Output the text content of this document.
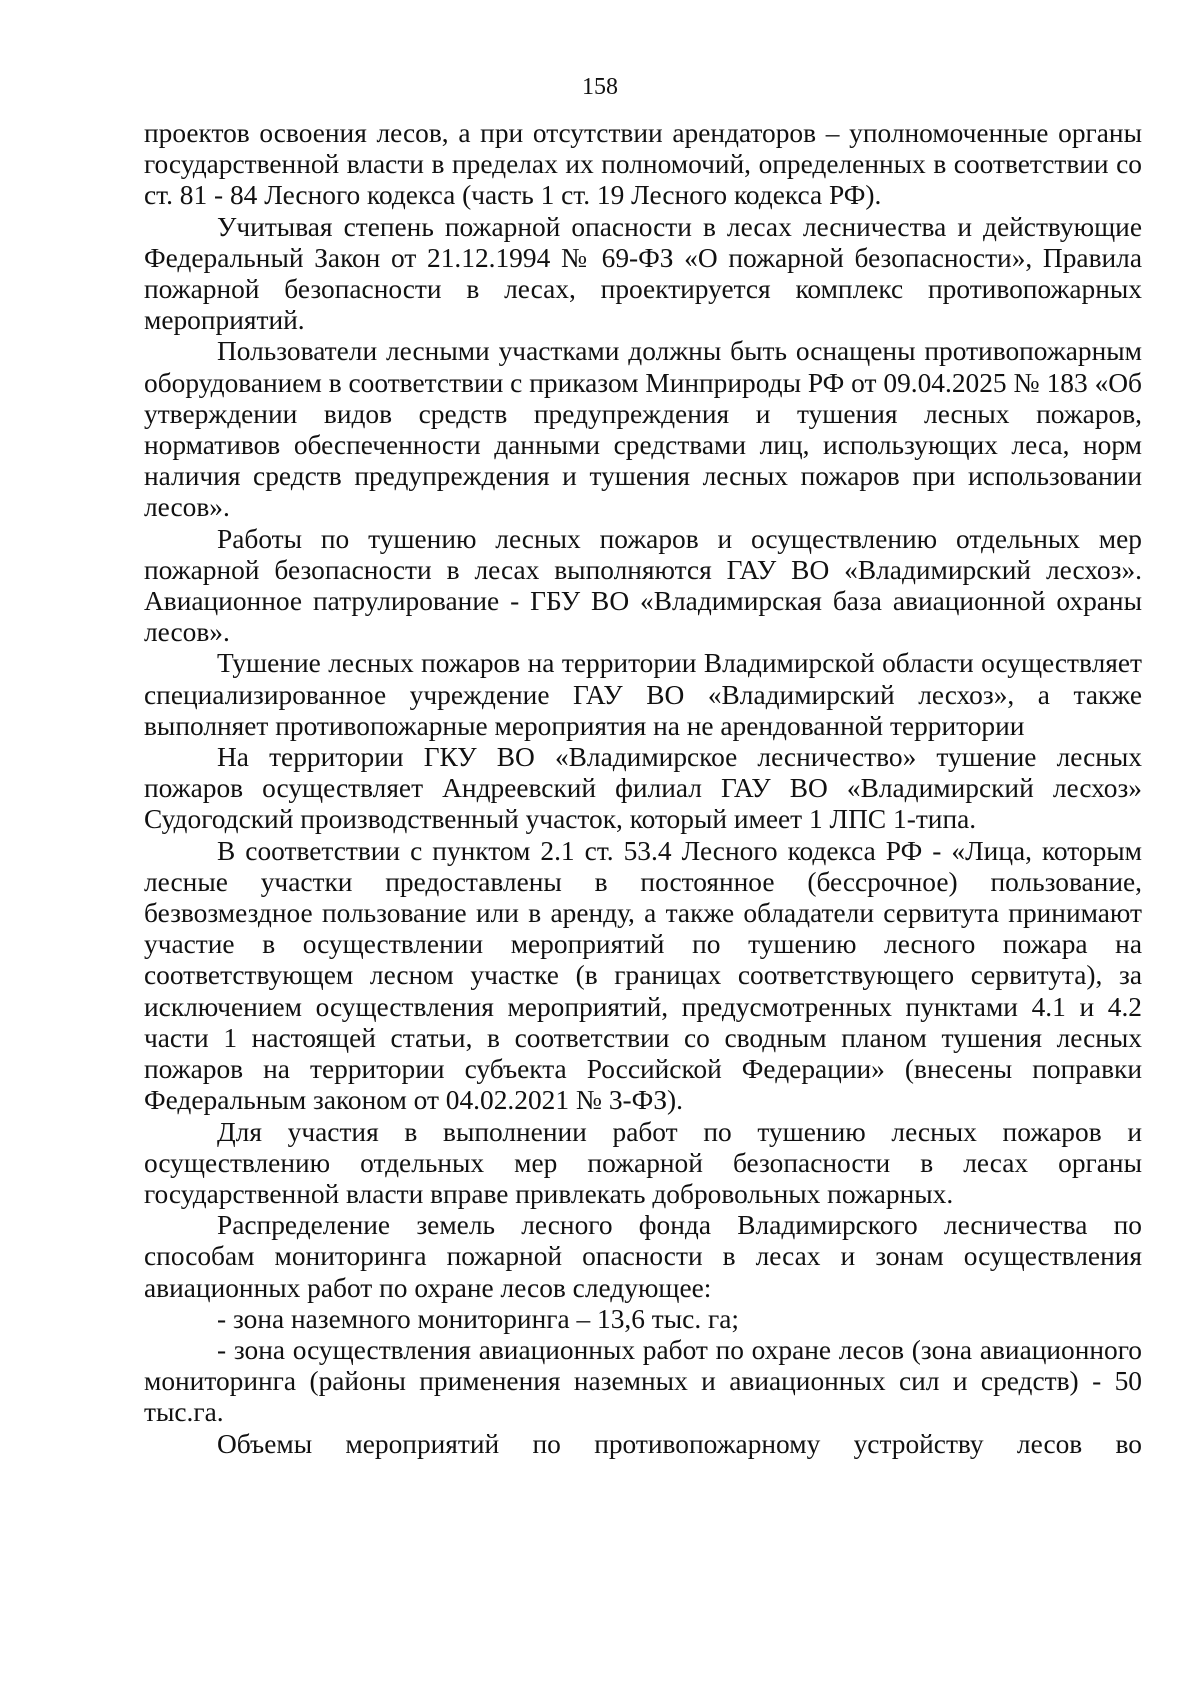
158

проектов освоения лесов, а при отсутствии арендаторов – уполномоченные органы государственной власти в пределах их полномочий, определенных в соответствии со ст. 81 - 84 Лесного кодекса (часть 1 ст. 19 Лесного кодекса РФ).

Учитывая степень пожарной опасности в лесах лесничества и действующие Федеральный Закон от 21.12.1994 № 69-ФЗ «О пожарной безопасности», Правила пожарной безопасности в лесах, проектируется комплекс противопожарных мероприятий.

Пользователи лесными участками должны быть оснащены противопожарным оборудованием в соответствии с приказом Минприроды РФ от 09.04.2025 № 183 «Об утверждении видов средств предупреждения и тушения лесных пожаров, нормативов обеспеченности данными средствами лиц, использующих леса, норм наличия средств предупреждения и тушения лесных пожаров при использовании лесов».

Работы по тушению лесных пожаров и осуществлению отдельных мер пожарной безопасности в лесах выполняются ГАУ ВО «Владимирский лесхоз». Авиационное патрулирование - ГБУ ВО «Владимирская база авиационной охраны лесов».

Тушение лесных пожаров на территории Владимирской области осуществляет специализированное учреждение ГАУ ВО «Владимирский лесхоз», а также выполняет противопожарные мероприятия на не арендованной территории

На территории ГКУ ВО «Владимирское лесничество» тушение лесных пожаров осуществляет Андреевский филиал ГАУ ВО «Владимирский лесхоз» Судогодский производственный участок, который имеет 1 ЛПС 1-типа.

В соответствии с пунктом 2.1 ст. 53.4 Лесного кодекса РФ - «Лица, которым лесные участки предоставлены в постоянное (бессрочное) пользование, безвозмездное пользование или в аренду, а также обладатели сервитута принимают участие в осуществлении мероприятий по тушению лесного пожара на соответствующем лесном участке (в границах соответствующего сервитута), за исключением осуществления мероприятий, предусмотренных пунктами 4.1 и 4.2 части 1 настоящей статьи, в соответствии со сводным планом тушения лесных пожаров на территории субъекта Российской Федерации» (внесены поправки Федеральным законом от 04.02.2021 № 3-ФЗ).

Для участия в выполнении работ по тушению лесных пожаров и осуществлению отдельных мер пожарной безопасности в лесах органы государственной власти вправе привлекать добровольных пожарных.

Распределение земель лесного фонда Владимирского лесничества по способам мониторинга пожарной опасности в лесах и зонам осуществления авиационных работ по охране лесов следующее:

- зона наземного мониторинга – 13,6 тыс. га;

- зона осуществления авиационных работ по охране лесов (зона авиационного мониторинга (районы применения наземных и авиационных сил и средств) - 50 тыс.га.

Объемы мероприятий по противопожарному устройству лесов во
